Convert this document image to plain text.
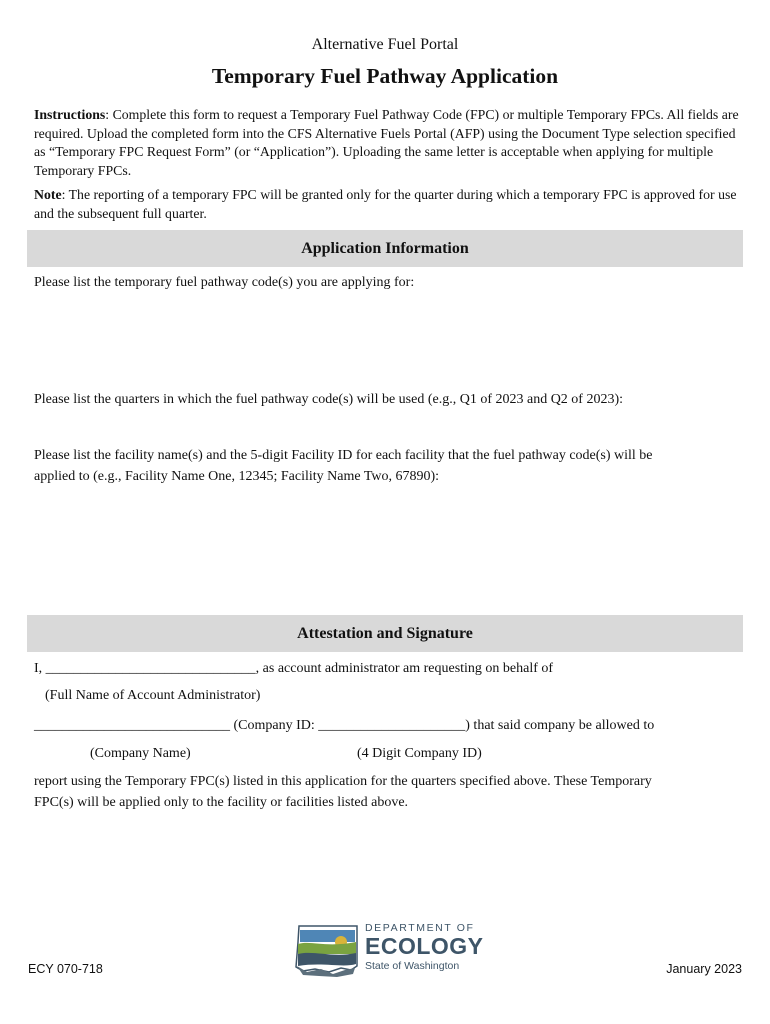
Alternative Fuel Portal
Temporary Fuel Pathway Application
Instructions: Complete this form to request a Temporary Fuel Pathway Code (FPC) or multiple Temporary FPCs. All fields are required. Upload the completed form into the CFS Alternative Fuels Portal (AFP) using the Document Type selection specified as “Temporary FPC Request Form” (or “Application”). Uploading the same letter is acceptable when applying for multiple Temporary FPCs.
Note: The reporting of a temporary FPC will be granted only for the quarter during which a temporary FPC is approved for use and the subsequent full quarter.
Application Information
Please list the temporary fuel pathway code(s) you are applying for:
Please list the quarters in which the fuel pathway code(s) will be used (e.g., Q1 of 2023 and Q2 of 2023):
Please list the facility name(s) and the 5-digit Facility ID for each facility that the fuel pathway code(s) will be
applied to (e.g., Facility Name One, 12345; Facility Name Two, 67890):
Attestation and Signature
I, ______________________________, as account administrator am requesting on behalf of
(Full Name of Account Administrator)
____________________________ (Company ID: _____________________) that said company be allowed to
(Company Name)	(4 Digit Company ID)
report using the Temporary FPC(s) listed in this application for the quarters specified above. These Temporary
FPC(s) will be applied only to the facility or facilities listed above.
ECY 070-718	January 2023
DEPARTMENT OF
ECOLOGY
State of Washington
